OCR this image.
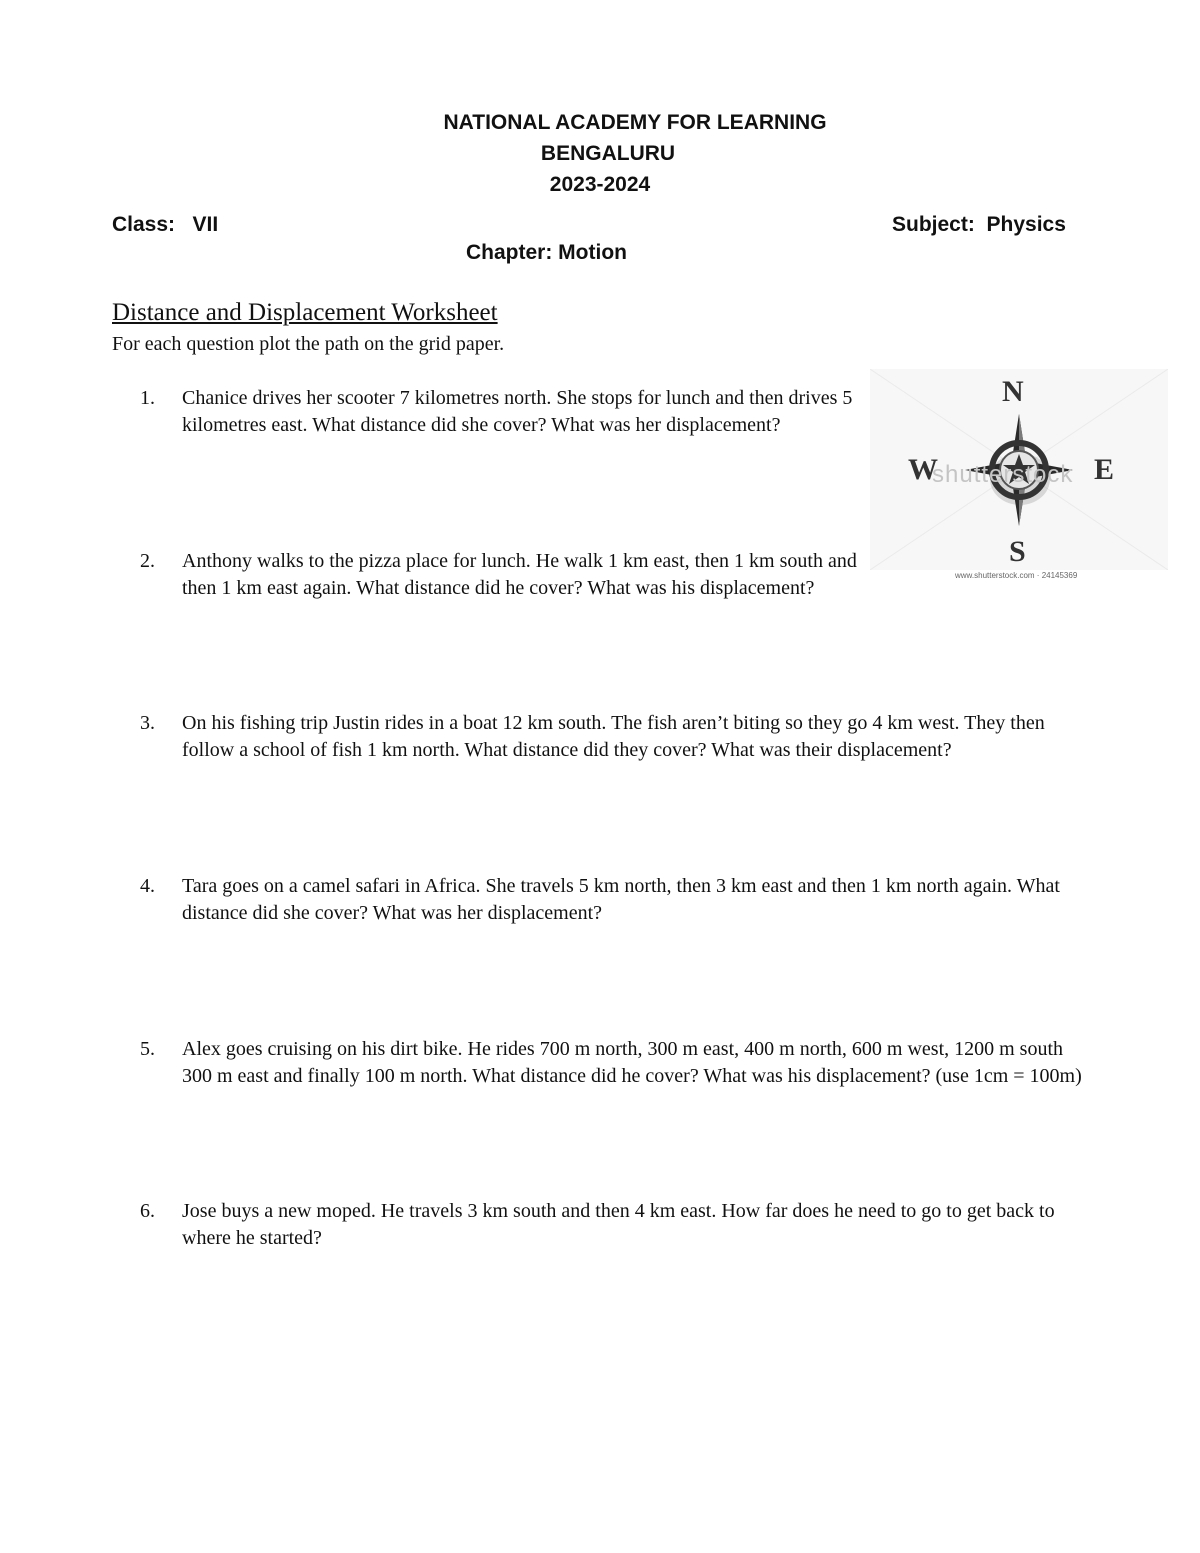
NATIONAL ACADEMY FOR LEARNING
BENGALURU
2023-2024
Class:   VII	Subject:  Physics
Chapter: Motion
Distance and Displacement Worksheet
For each question plot the path on the grid paper.
1.	Chanice drives her scooter 7 kilometres north. She stops for lunch and then drives 5 kilometres east. What distance did she cover? What was her displacement?
2.	Anthony walks to the pizza place for lunch. He walk 1 km east, then 1 km south and then 1 km east again. What distance did he cover? What was his displacement?
3.	On his fishing trip Justin rides in a boat 12 km south. The fish aren’t biting so they go 4 km west. They then follow a school of fish 1 km north. What distance did they cover? What was their displacement?
4.	Tara goes on a camel safari in Africa. She travels 5 km north, then 3 km east and then 1 km north again. What distance did she cover? What was her displacement?
5.	Alex goes cruising on his dirt bike. He rides 700 m north, 300 m east, 400 m north, 600 m west, 1200 m south 300 m east and finally 100 m north. What distance did he cover? What was his displacement? (use 1cm = 100m)
6.	Jose buys a new moped. He travels 3 km south and then 4 km east. How far does he need to go to get back to where he started?
shutterstock
N
S
W	E
www.shutterstock.com · 24145369
